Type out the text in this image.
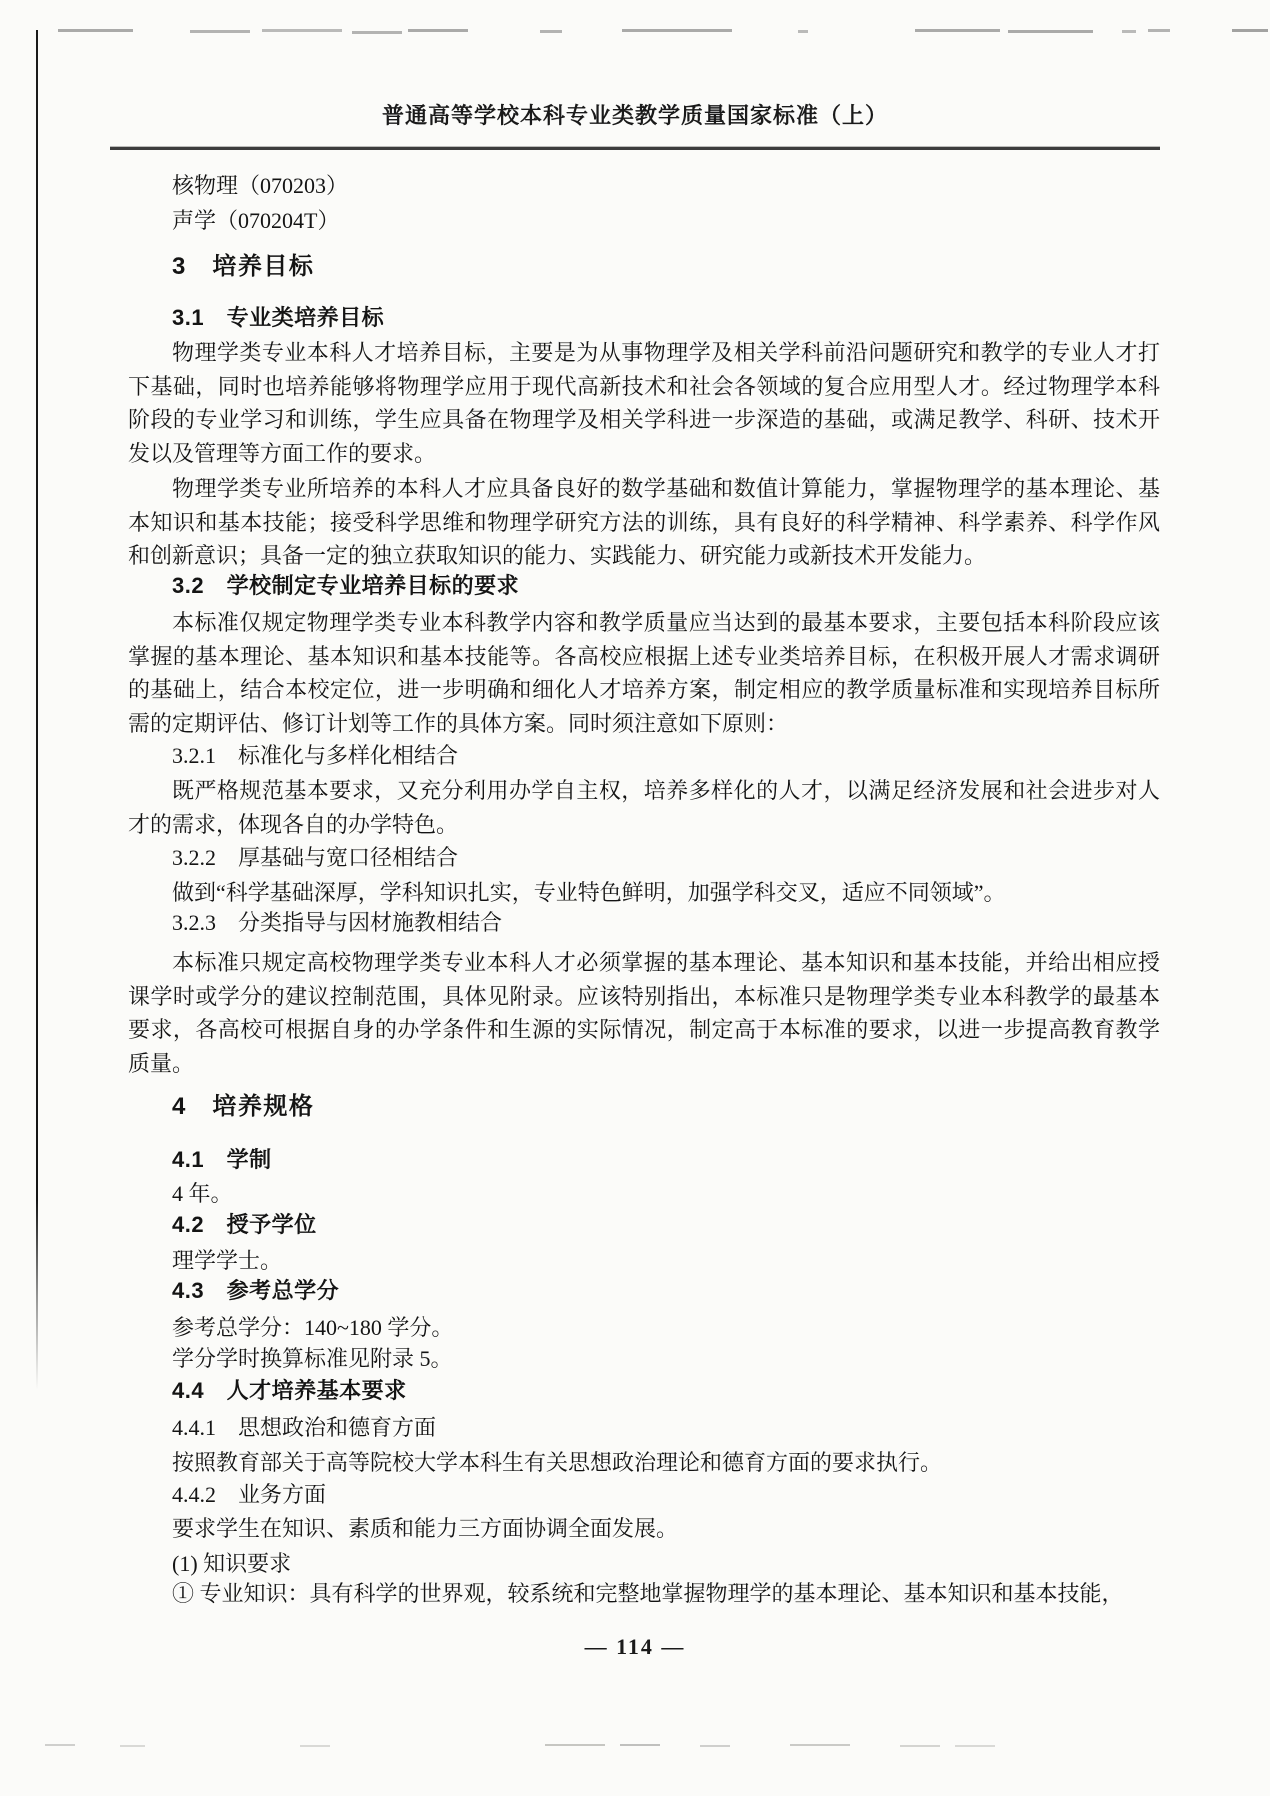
普通高等学校本科专业类教学质量国家标准（上）
核物理（070203）
声学（070204T）
3　培养目标
3.1　专业类培养目标
物理学类专业本科人才培养目标，主要是为从事物理学及相关学科前沿问题研究和教学的专业人才打下基础，同时也培养能够将物理学应用于现代高新技术和社会各领域的复合应用型人才。经过物理学本科阶段的专业学习和训练，学生应具备在物理学及相关学科进一步深造的基础，或满足教学、科研、技术开发以及管理等方面工作的要求。
物理学类专业所培养的本科人才应具备良好的数学基础和数值计算能力，掌握物理学的基本理论、基本知识和基本技能；接受科学思维和物理学研究方法的训练，具有良好的科学精神、科学素养、科学作风和创新意识；具备一定的独立获取知识的能力、实践能力、研究能力或新技术开发能力。
3.2　学校制定专业培养目标的要求
本标准仅规定物理学类专业本科教学内容和教学质量应当达到的最基本要求，主要包括本科阶段应该掌握的基本理论、基本知识和基本技能等。各高校应根据上述专业类培养目标，在积极开展人才需求调研的基础上，结合本校定位，进一步明确和细化人才培养方案，制定相应的教学质量标准和实现培养目标所需的定期评估、修订计划等工作的具体方案。同时须注意如下原则：
3.2.1　标准化与多样化相结合
既严格规范基本要求，又充分利用办学自主权，培养多样化的人才，以满足经济发展和社会进步对人才的需求，体现各自的办学特色。
3.2.2　厚基础与宽口径相结合
做到“科学基础深厚，学科知识扎实，专业特色鲜明，加强学科交叉，适应不同领域”。
3.2.3　分类指导与因材施教相结合
本标准只规定高校物理学类专业本科人才必须掌握的基本理论、基本知识和基本技能，并给出相应授课学时或学分的建议控制范围，具体见附录。应该特别指出，本标准只是物理学类专业本科教学的最基本要求，各高校可根据自身的办学条件和生源的实际情况，制定高于本标准的要求，以进一步提高教育教学质量。
4　培养规格
4.1　学制
4 年。
4.2　授予学位
理学学士。
4.3　参考总学分
参考总学分：140~180 学分。
学分学时换算标准见附录 5。
4.4　人才培养基本要求
4.4.1　思想政治和德育方面
按照教育部关于高等院校大学本科生有关思想政治理论和德育方面的要求执行。
4.4.2　业务方面
要求学生在知识、素质和能力三方面协调全面发展。
(1) 知识要求
① 专业知识：具有科学的世界观，较系统和完整地掌握物理学的基本理论、基本知识和基本技能，
— 114 —
